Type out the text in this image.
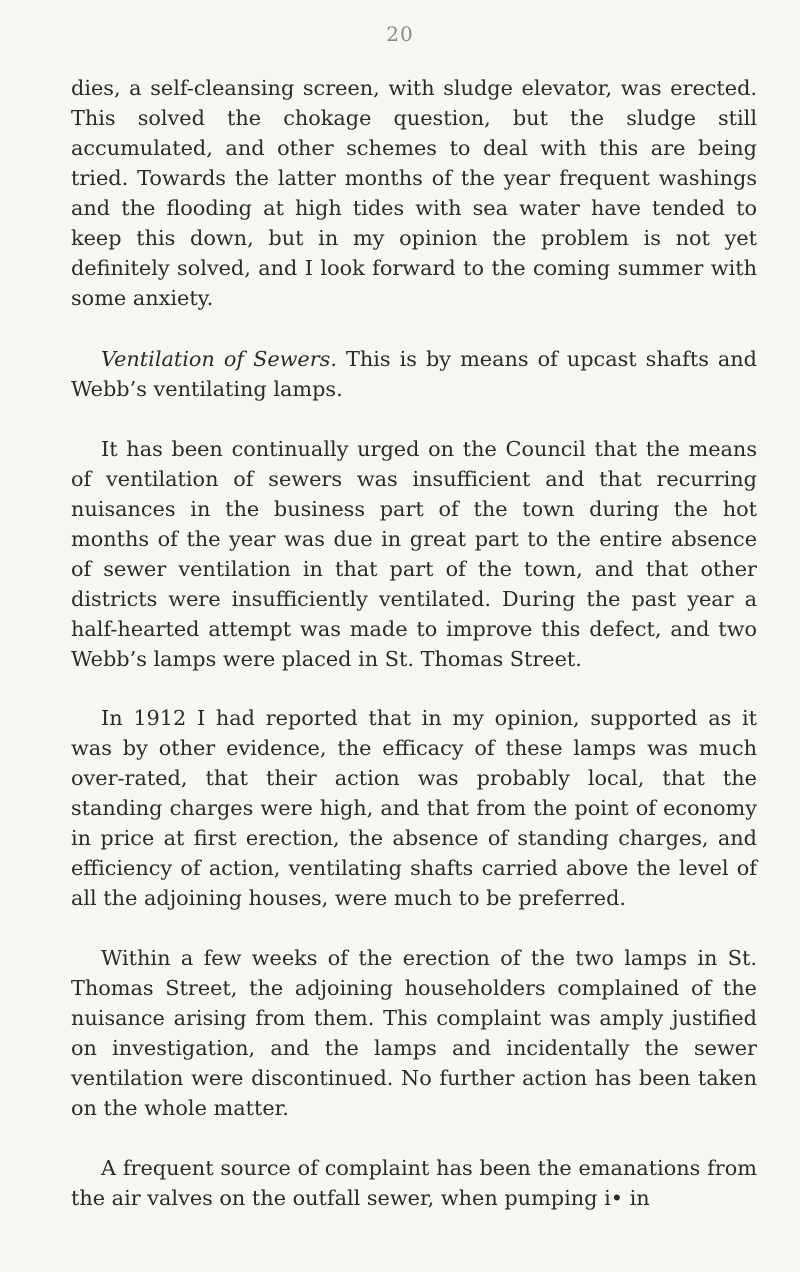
20

dies, a self-cleansing screen, with sludge elevator, was erected. This solved the chokage question, but the sludge still accumulated, and other schemes to deal with this are being tried. Towards the latter months of the year frequent washings and the flooding at high tides with sea water have tended to keep this down, but in my opinion the problem is not yet definitely solved, and I look forward to the coming summer with some anxiety.

Ventilation of Sewers. This is by means of upcast shafts and Webb’s ventilating lamps.

It has been continually urged on the Council that the means of ventilation of sewers was insufficient and that recurring nuisances in the business part of the town during the hot months of the year was due in great part to the entire absence of sewer ventilation in that part of the town, and that other districts were insufficiently ventilated. During the past year a half-hearted attempt was made to improve this defect, and two Webb’s lamps were placed in St. Thomas Street.

In 1912 I had reported that in my opinion, supported as it was by other evidence, the efficacy of these lamps was much over-rated, that their action was probably local, that the standing charges were high, and that from the point of economy in price at first erection, the absence of standing charges, and efficiency of action, ventilating shafts carried above the level of all the adjoining houses, were much to be preferred.

Within a few weeks of the erection of the two lamps in St. Thomas Street, the adjoining householders complained of the nuisance arising from them. This complaint was amply justified on investigation, and the lamps and incidentally the sewer ventilation were discontinued. No further action has been taken on the whole matter.

A frequent source of complaint has been the emanations from the air valves on the outfall sewer, when pumping i• in
